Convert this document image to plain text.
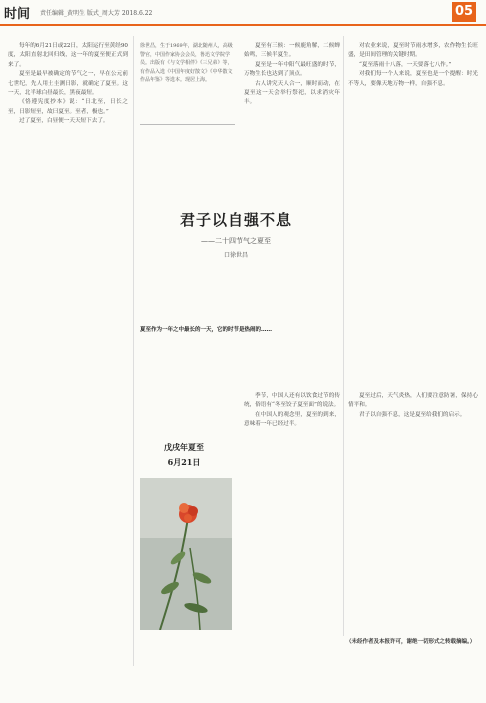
时间 责任编辑_黄明生 版式_周大芳 2018.6.22	05

每年的6月21日或22日，太阳运行至黄经90度，太阳直射北回归线，这一年的夏至便正式到来了。

夏至是最早被确定的节气之一，早在公元前七世纪，先人用土圭测日影，就确定了夏至。这一天，北半球白昼最长，黑夜最短。

《恪遵宪度抄本》说：“日北至，日长之至，日影短至，故曰夏至。至者，极也。”

过了夏至，白昼便一天天短下去了。

徐世昌，生于1969年，湖北随州人，高级警官，中国作家协会会员，鲁迅文学院学员。出版有《与文学相伴》《三兄弟》等，有作品入选《中国年度好散文》《中华散文作品年鉴》等选本。现居上海。
君子以自强不息
——二十四节气之夏至
口徐世昌

夏至有三候：一候鹿角解，二候蝉始鸣，三候半夏生。

夏至是一年中阳气最旺盛的时节，万物生长也达到了顶点。

古人讲究天人合一，顺时而动，在夏至这一天会举行祭祀，以求消灾年丰。

夏至作为一年之中最长的一天，它的时节是热闹的……

季节，中国人还有以饮食过节的传统，俗语有“冬至饺子夏至面”的说法。

在中国人的观念里，夏至的到来，意味着一年已经过半。

对农业来说，夏至时节雨水增多，农作物生长旺盛，是田间管理的关键时期。

“夏至落雨十八落，一天要落七八作。”

对我们每一个人来说，夏至也是一个提醒：时光不等人，要像天地万物一样，自强不息。

夏至过后，天气炎热，人们要注意防暑，保持心情平和。

君子以自强不息，这是夏至给我们的启示。

戊戌年夏至
6月21日
（未经作者及本报许可，谢绝一切形式之转载摘编。）
